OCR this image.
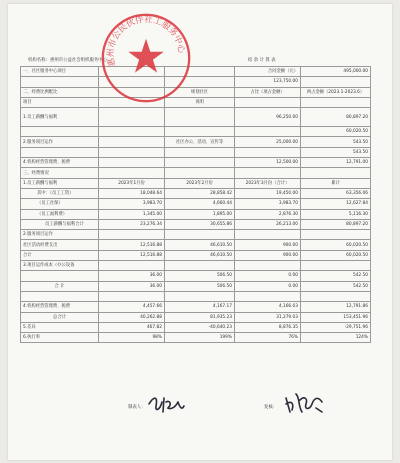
机构名称：惠州市公益社会组织服务中心	结 余 计 算 表
一、社区服务中心项目			合同金额（元）	495,000.00
			123,750.00	
二、经费比例配比		规划社区	占比（项占金额）	两占金额（2023.1-2023.6）
项目		说明		
1.员工薪酬与福利			96,250.00	80,897.20
				60,020.50
2.服务项目运作		社区办公、活动、宣传等	25,000.00	543.50
				543.50
4.机构经营管理费、税费			12,500.00	12,791.00
三、经费情况				
1.员工薪酬与福利	2023年1月份	2023年2月份	2023年3月份（合计）	累计
其中：（员工工资）	18,048.64	28,858.42	19,450.00	63,356.06
（员工社保）	3,983.70	4,660.44	3,983.70	12,627.84
（员工福利费）	1,345.00	1,895.00	2,876.30	5,116.30
员工薪酬与福利合计	23,276.34	30,655.86	26,213.00	80,897.20
2.服务项目运作				
社区活动经费支出	12,516.88	46,610.50	900.00	60,020.50
合计	12,516.88	46,610.50	900.00	60,020.50
3.项目运作成本（办公设备				
	36.00	506.50	0.00	542.50
合 计	36.00	506.50	0.00	542.50

4.机构经营管理费、税费	4,457.66	4,167.17	4,166.03	12,791.86
总合计	40,262.88	81,935.23	31,279.03	153,451.96
5.差异	467.82	-40,640.23	8,876.35	-29,751.96
6.执行率	98%	199%	76%	124%
惠州市公民伙伴社工服务中心
制表人：	复核：
